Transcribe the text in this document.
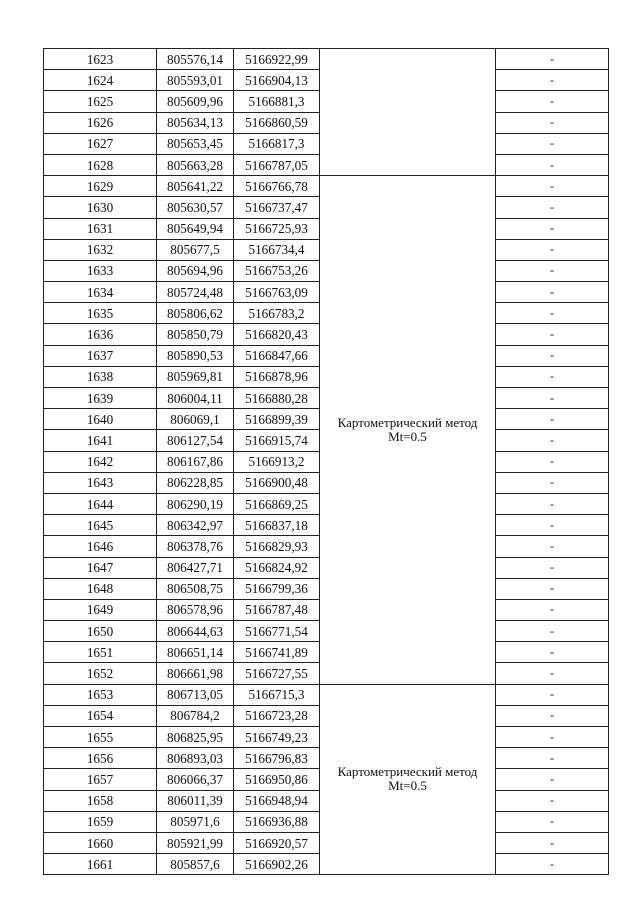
1623	805576,14	5166922,99		-
1624	805593,01	5166904,13		-
1625	805609,96	5166881,3		-
1626	805634,13	5166860,59		-
1627	805653,45	5166817,3		-
1628	805663,28	5166787,05		-
1629	805641,22	5166766,78	Картометрический метод Mt=0.5	-
1630	805630,57	5166737,47		-
1631	805649,94	5166725,93		-
1632	805677,5	5166734,4		-
1633	805694,96	5166753,26		-
1634	805724,48	5166763,09		-
1635	805806,62	5166783,2		-
1636	805850,79	5166820,43		-
1637	805890,53	5166847,66		-
1638	805969,81	5166878,96		-
1639	806004,11	5166880,28		-
1640	806069,1	5166899,39		-
1641	806127,54	5166915,74		-
1642	806167,86	5166913,2		-
1643	806228,85	5166900,48		-
1644	806290,19	5166869,25		-
1645	806342,97	5166837,18		-
1646	806378,76	5166829,93		-
1647	806427,71	5166824,92		-
1648	806508,75	5166799,36		-
1649	806578,96	5166787,48		-
1650	806644,63	5166771,54		-
1651	806651,14	5166741,89		-
1652	806661,98	5166727,55		-
1653	806713,05	5166715,3	Картометрический метод Mt=0.5	-
1654	806784,2	5166723,28		-
1655	806825,95	5166749,23		-
1656	806893,03	5166796,83		-
1657	806066,37	5166950,86		-
1658	806011,39	5166948,94		-
1659	805971,6	5166936,88		-
1660	805921,99	5166920,57		-
1661	805857,6	5166902,26		-
